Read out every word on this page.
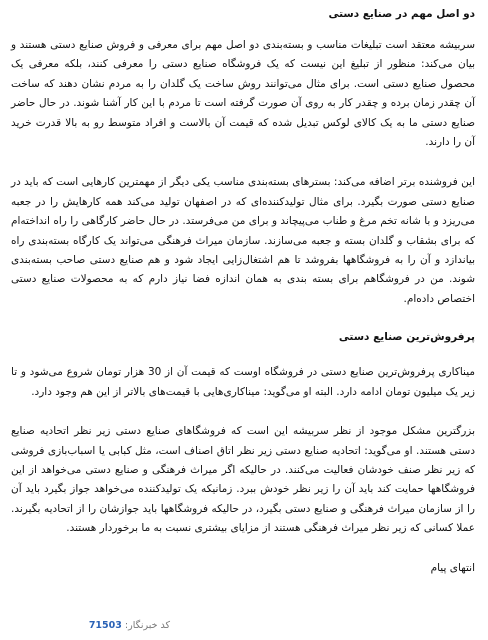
دو اصل مهم در صنایع دستی

سربیشه معتقد است تبلیغات مناسب و بسته‌بندی دو اصل مهم برای معرفی و فروش صنایع دستی هستند و بیان می‌کند: منظور از تبلیغ این نیست که یک فروشگاه صنایع دستی را معرفی کنند، بلکه معرفی یک محصول صنایع دستی است. برای مثال می‌توانند روش ساخت یک گلدان را به مردم نشان دهند که ساخت آن چقدر زمان برده و چقدر کار به روی آن صورت گرفته است تا مردم با این کار آشنا شوند. در حال حاضر صنایع دستی ما به یک کالای لوکس تبدیل شده که قیمت آن بالاست و افراد متوسط رو به بالا قدرت خرید آن را دارند.

این فروشنده برتر اضافه می‌کند: بسترهای بسته‌بندی مناسب یکی دیگر از مهمترین کارهایی است که باید در صنایع دستی صورت بگیرد. برای مثال تولیدکننده‌ای که در اصفهان تولید می‌کند همه کارهایش را در جعبه می‌ریزد و با شانه تخم مرغ و طناب می‌پیچاند و برای من می‌فرستد. در حال حاضر کارگاهی را راه انداخته‌ام که برای بشقاب و گلدان بسته و جعبه می‌سازند. سازمان میراث فرهنگی می‌تواند یک کارگاه بسته‌بندی راه بیاندازد و آن را به فروشگاهها بفروشد تا هم اشتغال‌زایی ایجاد شود و هم صنایع دستی صاحب بسته‌بندی شوند. من در فروشگاهم برای بسته بندی به همان اندازه فضا نیاز دارم که به محصولات صنایع دستی اختصاص داده‌ام.

پرفروش‌ترین صنایع دستی

میناکاری پرفروش‌ترین صنایع دستی در فروشگاه اوست که قیمت آن از 30 هزار تومان شروع می‌شود و تا زیر یک میلیون تومان ادامه دارد. البته او می‌گوید: میناکاری‌هایی با قیمت‌های بالاتر از این هم وجود دارد.

بزرگترین مشکل موجود از نظر سربیشه این است که فروشگاهای صنایع دستی زیر نظر اتحادیه صنایع دستی هستند. او می‌گوید: اتحادیه صنایع دستی زیر نظر اتاق اصناف است، مثل کبابی یا اسباب‌بازی فروشی که زیر نظر صنف خودشان فعالیت می‌کنند. در حالیکه اگر میراث فرهنگی و صنایع دستی می‌خواهد از این فروشگاهها حمایت کند باید آن را زیر نظر خودش ببرد. زمانیکه یک تولیدکننده می‌خواهد جواز بگیرد باید آن را از سازمان میراث فرهنگی و صنایع دستی بگیرد، در حالیکه فروشگاهها باید جوازشان را از اتحادیه بگیرند. عملا کسانی که زیر نظر میراث فرهنگی هستند از مزایای بیشتری نسبت به ما برخوردار هستند.

انتهای پیام
کد خبرنگار: 71503
